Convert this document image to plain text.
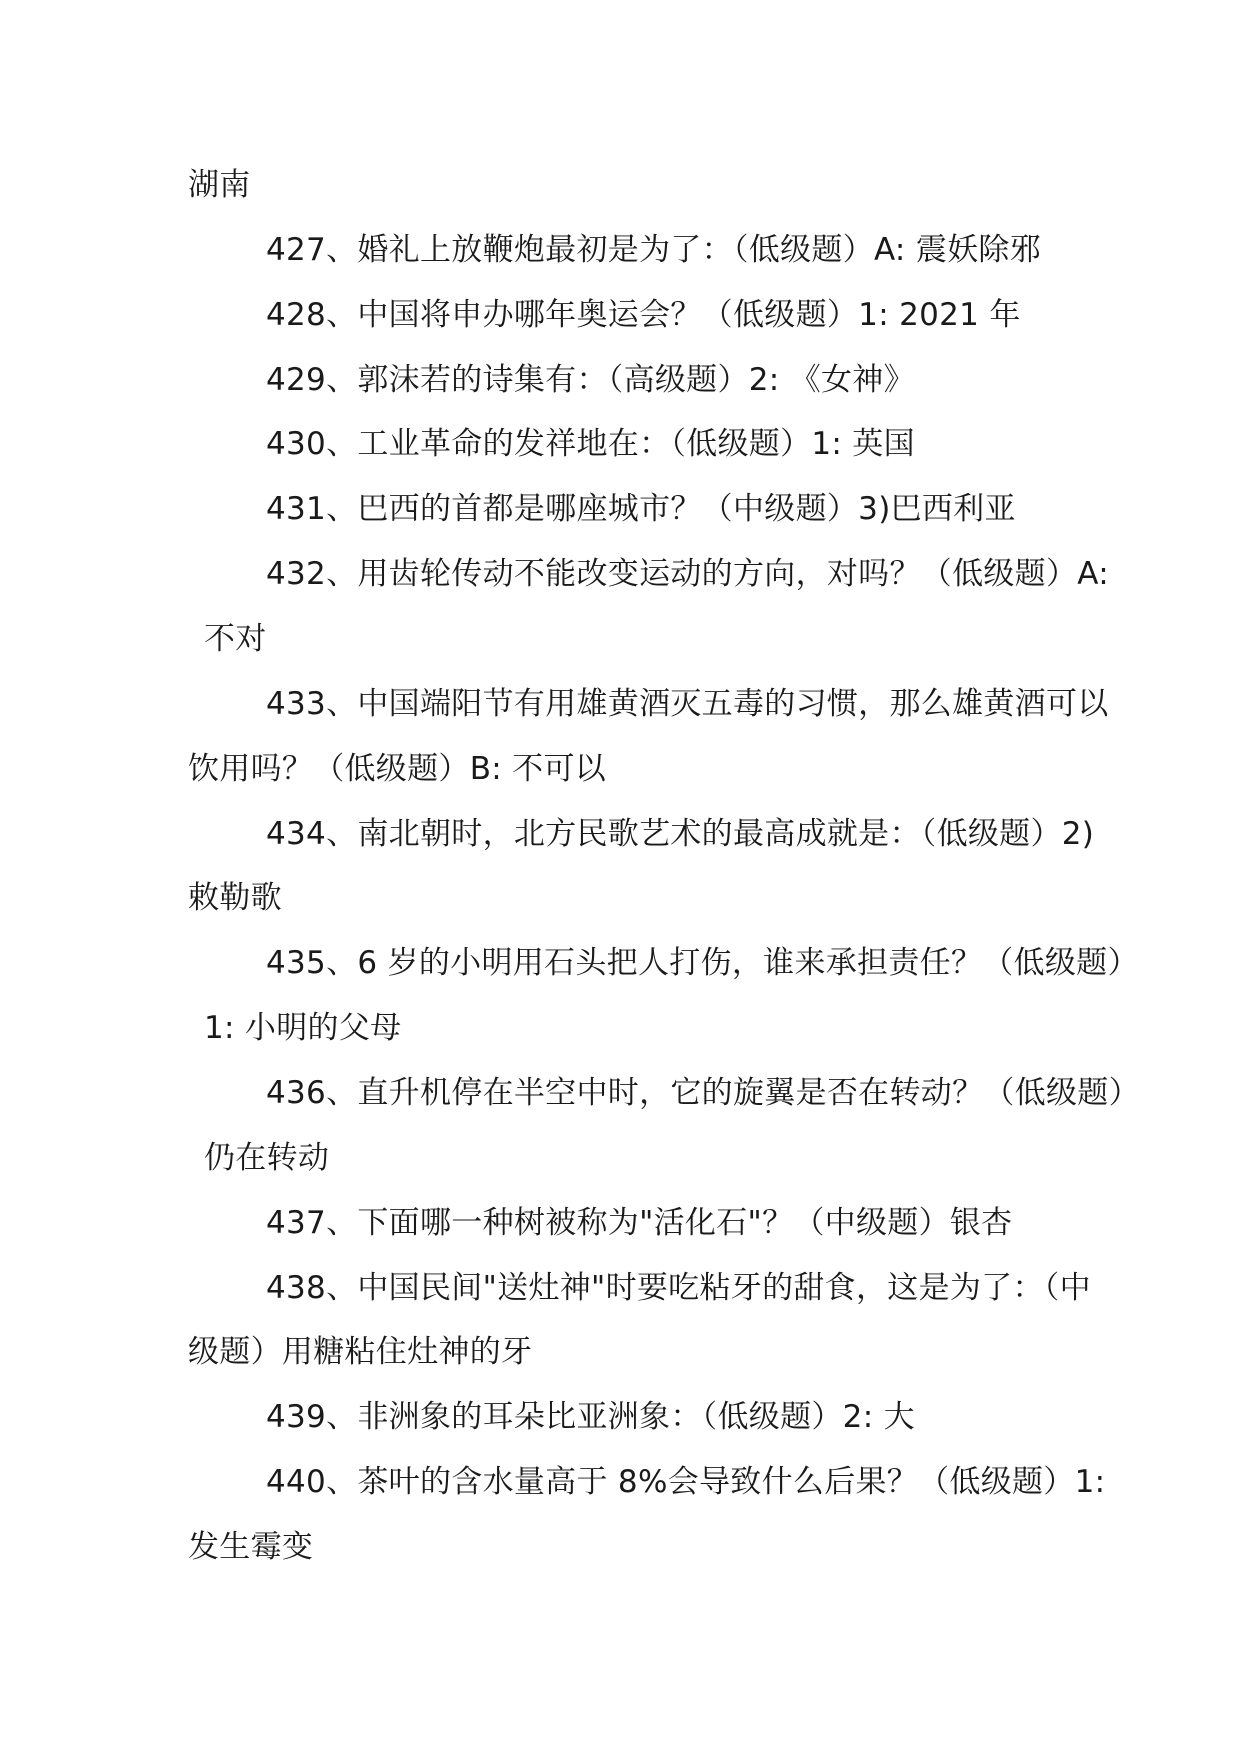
湖南
427、婚礼上放鞭炮最初是为了：（低级题）A: 震妖除邪
428、中国将申办哪年奥运会？（低级题）1: 2021 年
429、郭沫若的诗集有：（高级题）2: 《女神》
430、工业革命的发祥地在：（低级题）1: 英国
431、巴西的首都是哪座城市？（中级题）3)巴西利亚
432、用齿轮传动不能改变运动的方向，对吗？（低级题）A:
不对
433、中国端阳节有用雄黄酒灭五毒的习惯，那么雄黄酒可以
饮用吗？（低级题）B: 不可以
434、南北朝时，北方民歌艺术的最高成就是：（低级题）2)
敕勒歌
435、6 岁的小明用石头把人打伤，谁来承担责任？（低级题）
1: 小明的父母
436、直升机停在半空中时，它的旋翼是否在转动？（低级题）
仍在转动
437、下面哪一种树被称为"活化石"？（中级题）银杏
438、中国民间"送灶神"时要吃粘牙的甜食，这是为了：（中
级题）用糖粘住灶神的牙
439、非洲象的耳朵比亚洲象：（低级题）2: 大
440、茶叶的含水量高于 8%会导致什么后果？（低级题）1:
发生霉变
